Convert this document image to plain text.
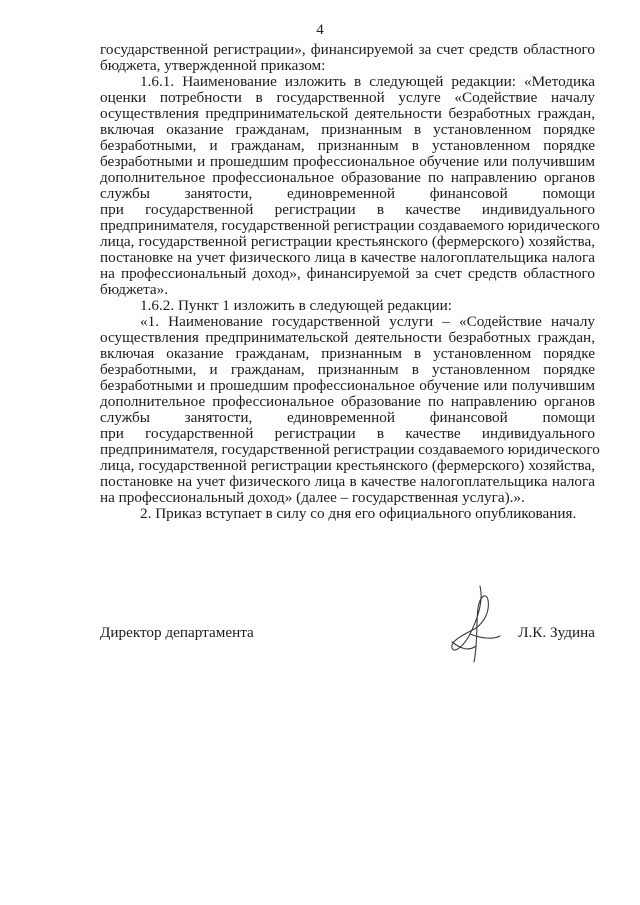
4
государственной регистрации», финансируемой за счет средств областного
бюджета, утвержденной приказом:
1.6.1. Наименование изложить в следующей редакции: «Методика
оценки потребности в государственной услуге «Содействие началу
осуществления предпринимательской деятельности безработных граждан,
включая оказание гражданам, признанным в установленном порядке
безработными, и гражданам, признанным в установленном порядке
безработными и прошедшим профессиональное обучение или получившим
дополнительное профессиональное образование по направлению органов
службы занятости, единовременной финансовой помощи
при государственной регистрации в качестве индивидуального
предпринимателя, государственной регистрации создаваемого юридического
лица, государственной регистрации крестьянского (фермерского) хозяйства,
постановке на учет физического лица в качестве налогоплательщика налога
на профессиональный доход», финансируемой за счет средств областного
бюджета».
1.6.2. Пункт 1 изложить в следующей редакции:
«1. Наименование государственной услуги – «Содействие началу
осуществления предпринимательской деятельности безработных граждан,
включая оказание гражданам, признанным в установленном порядке
безработными, и гражданам, признанным в установленном порядке
безработными и прошедшим профессиональное обучение или получившим
дополнительное профессиональное образование по направлению органов
службы занятости, единовременной финансовой помощи
при государственной регистрации в качестве индивидуального
предпринимателя, государственной регистрации создаваемого юридического
лица, государственной регистрации крестьянского (фермерского) хозяйства,
постановке на учет физического лица в качестве налогоплательщика налога
на профессиональный доход» (далее – государственная услуга).».
2. Приказ вступает в силу со дня его официального опубликования.
Директор департамента	Л.К. Зудина
